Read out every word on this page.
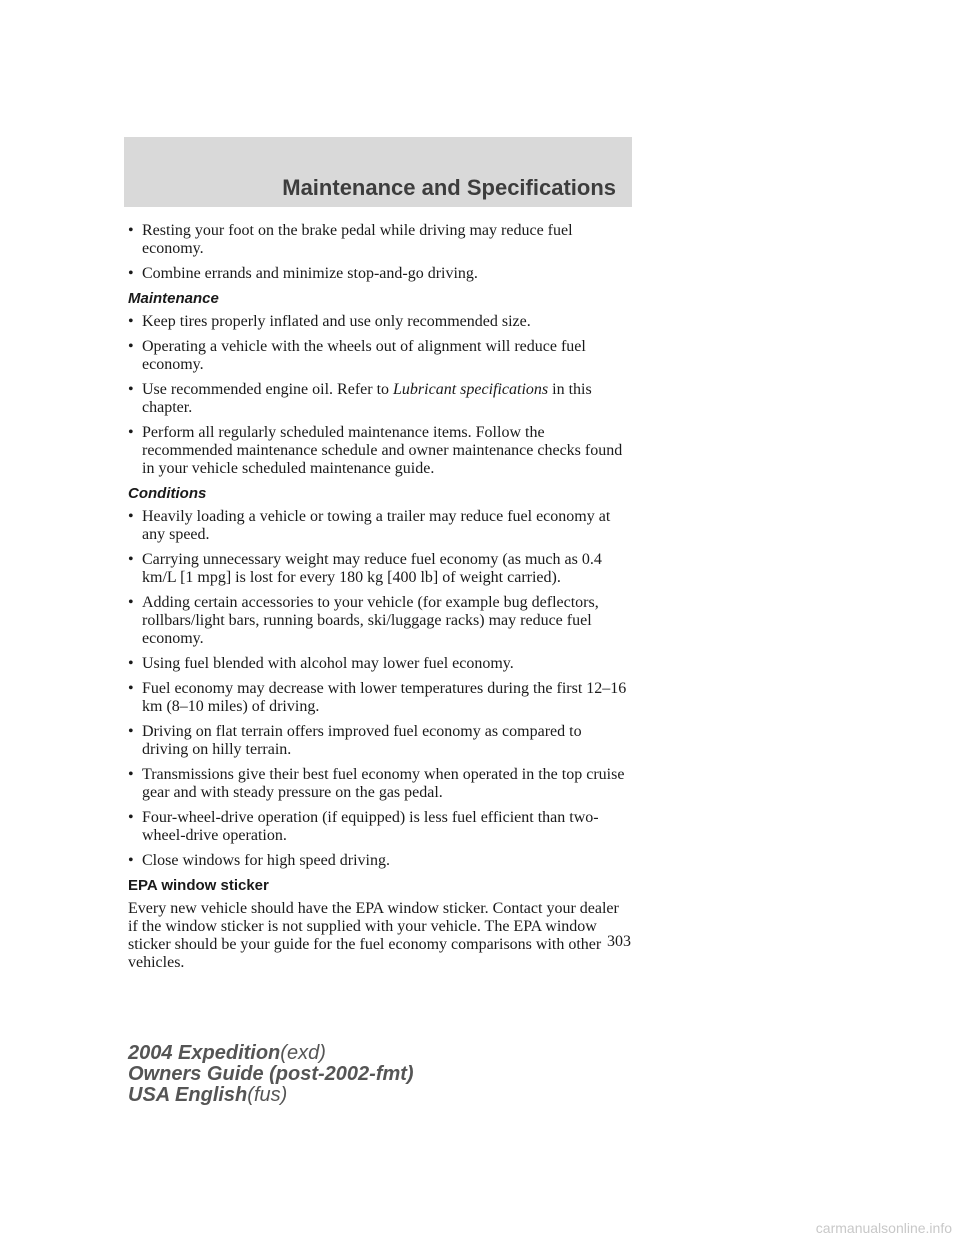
Maintenance and Specifications
• Resting your foot on the brake pedal while driving may reduce fuel economy.
• Combine errands and minimize stop-and-go driving.
Maintenance
• Keep tires properly inflated and use only recommended size.
• Operating a vehicle with the wheels out of alignment will reduce fuel economy.
• Use recommended engine oil. Refer to Lubricant specifications in this chapter.
• Perform all regularly scheduled maintenance items. Follow the recommended maintenance schedule and owner maintenance checks found in your vehicle scheduled maintenance guide.
Conditions
• Heavily loading a vehicle or towing a trailer may reduce fuel economy at any speed.
• Carrying unnecessary weight may reduce fuel economy (as much as 0.4 km/L [1 mpg] is lost for every 180 kg [400 lb] of weight carried).
• Adding certain accessories to your vehicle (for example bug deflectors, rollbars/light bars, running boards, ski/luggage racks) may reduce fuel economy.
• Using fuel blended with alcohol may lower fuel economy.
• Fuel economy may decrease with lower temperatures during the first 12–16 km (8–10 miles) of driving.
• Driving on flat terrain offers improved fuel economy as compared to driving on hilly terrain.
• Transmissions give their best fuel economy when operated in the top cruise gear and with steady pressure on the gas pedal.
• Four-wheel-drive operation (if equipped) is less fuel efficient than two-wheel-drive operation.
• Close windows for high speed driving.
EPA window sticker

Every new vehicle should have the EPA window sticker. Contact your dealer if the window sticker is not supplied with your vehicle. The EPA window sticker should be your guide for the fuel economy comparisons with other vehicles.

303
2004 Expedition(exd)
Owners Guide (post-2002-fmt)
USA English(fus)
carmanualsonline.info
